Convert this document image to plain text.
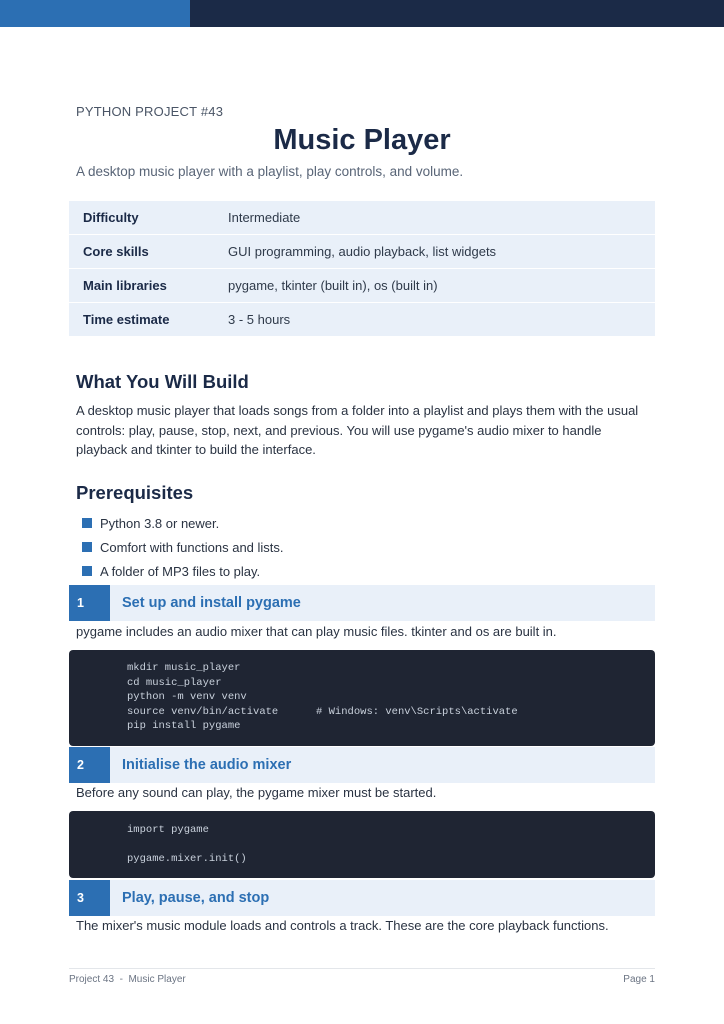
PYTHON PROJECT #43
Music Player
A desktop music player with a playlist, play controls, and volume.
Difficulty	Intermediate
Core skills	GUI programming, audio playback, list widgets
Main libraries	pygame, tkinter (built in), os (built in)
Time estimate	3 - 5 hours
What You Will Build
A desktop music player that loads songs from a folder into a playlist and plays them with the usual controls: play, pause, stop, next, and previous. You will use pygame's audio mixer to handle playback and tkinter to build the interface.
Prerequisites
Python 3.8 or newer.
Comfort with functions and lists.
A folder of MP3 files to play.
1	Set up and install pygame
pygame includes an audio mixer that can play music files. tkinter and os are built in.
mkdir music_player
cd music_player
python -m venv venv
source venv/bin/activate      # Windows: venv\Scripts\activate
pip install pygame
2	Initialise the audio mixer
Before any sound can play, the pygame mixer must be started.
import pygame
pygame.mixer.init()
3	Play, pause, and stop
The mixer's music module loads and controls a track. These are the core playback functions.
Project 43  -  Music Player	Page 1
